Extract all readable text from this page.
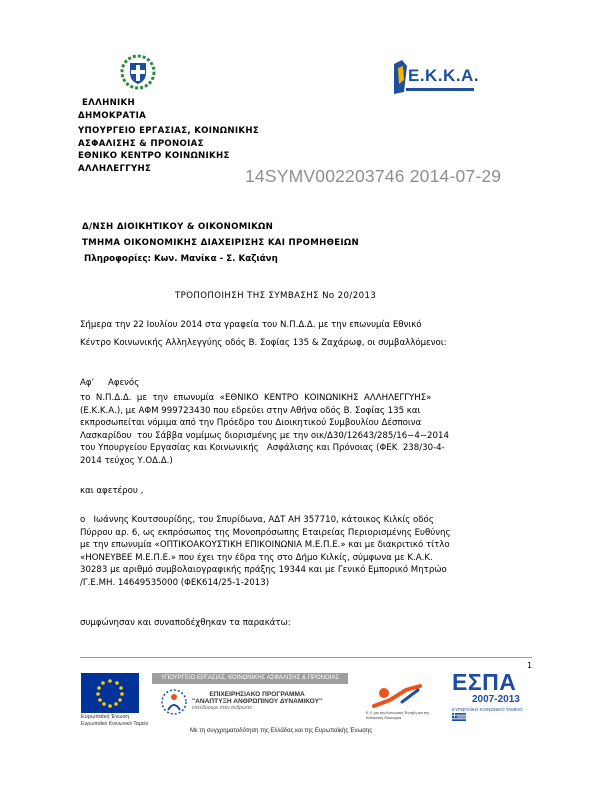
Ε.Κ.Κ.Α.
ΕΛΛΗΝΙΚΗ
ΔΗΜΟΚΡΑΤΙΑ
ΥΠΟΥΡΓΕΙΟ ΕΡΓΑΣΙΑΣ, ΚΟΙΝΩΝΙΚΗΣ
ΑΣΦΑΛΙΣΗΣ & ΠΡΟΝΟΙΑΣ
ΕΘΝΙΚΟ ΚΕΝΤΡΟ ΚΟΙΝΩΝΙΚΗΣ
ΑΛΛΗΛΕΓΓΥΗΣ	14SYMV002203746 2014-07-29
Δ/ΝΣΗ ΔΙΟΙΚΗΤΙΚΟΥ & ΟΙΚΟΝΟΜΙΚΩΝ
ΤΜΗΜΑ ΟΙΚΟΝΟΜΙΚΗΣ ΔΙΑΧΕΙΡΙΣΗΣ ΚΑΙ ΠΡΟΜΗΘΕΙΩΝ
Πληροφορίες: Κων. Μανίκα - Σ. Καζιάνη
ΤΡΟΠΟΠΟΙΗΣΗ ΤΗΣ ΣΥΜΒΑΣΗΣ Νο 20/2013
Σήμερα την 22 Ιουλίου 2014 στα γραφεία του Ν.Π.Δ.Δ. με την επωνυμία Εθνικό
Κέντρο Κοινωνικής Αλληλεγγύης οδός Β. Σοφίας 135 & Ζαχάρωφ, οι συμβαλλόμενοι:
Αφ’     Αφενός
το  Ν.Π.Δ.Δ.  με  την  επωνυμία  «ΕΘΝΙΚΟ  ΚΕΝΤΡΟ  ΚΟΙΝΩΝΙΚΗΣ  ΑΛΛΗΛΕΓΓΥΗΣ»
(Ε.Κ.Κ.Α.), με ΑΦΜ 999723430 που εδρεύει στην Αθήνα οδός Β. Σοφίας 135 και
εκπροσωπείται νόμιμα από την Πρόεδρο του Διοικητικού Συμβουλίου Δέσποινα
Λασκαρίδου  του Σάββα νομίμως διορισμένης με την οικ/Δ30/12643/285/16−4−2014
του Υπουργείου Εργασίας και Κοινωνικής   Ασφάλισης και Πρόνοιας (ΦΕΚ  238/30-4-
2014 τεύχος Υ.ΟΔ.Δ.)
και αφετέρου ,
ο   Ιωάννης Κουτσουρίδης, του Σπυρίδωνα, ΑΔΤ ΑΗ 357710, κάτοικος Κιλκίς οδός
Πύρρου αρ. 6, ως εκπρόσωπος της Μονοπρόσωπης Εταιρείας Περιορισμένης Ευθύνης
με την επωνυμία «ΟΠΤΙΚΟΑΚΟΥΣΤΙΚΗ ΕΠΙΚΟΙΝΩΝΙΑ Μ.Ε.Π.Ε.» και με διακριτικό τίτλο
«ΗΟΝΕΥΒΕΕ Μ.Ε.Π.Ε.» που έχει την έδρα της στο Δήμο Κιλκίς, σύμφωνα με Κ.Α.Κ.
30283 με αριθμό συμβολαιογραφικής πράξης 19344 και με Γενικό Εμπορικό Μητρώο
/Γ.Ε.ΜΗ. 14649535000 (ΦΕΚ614/25-1-2013)
συμφώνησαν και συναποδέχθηκαν τα παρακάτω:
1
Ευρωπαϊκή Ένωση
Ευρωπαϊκό Κοινωνικό Ταμείο
ΥΠΟΥΡΓΕΙΟ ΕΡΓΑΣΙΑΣ, ΚΟΙΝΩΝΙΚΗΣ ΑΣΦΑΛΙΣΗΣ & ΠΡΟΝΟΙΑΣ
ΕΠΙΧΕΙΡΗΣΙΑΚΟ ΠΡΟΓΡΑΜΜΑ
"ΑΝΑΠΤΥΞΗ ΑΝΘΡΩΠΙΝΟΥ ΔΥΝΑΜΙΚΟΥ"
επενδύουμε στον άνθρωπο
Ε.Υ. για την Κοινωνική Ένταξη και την Κοινωνική Οικονομία
ΕΣΠΑ
2007-2013
ΕΥΡΩΠΑΪΚΟ ΚΟΙΝΩΝΙΚΟ ΤΑΜΕΙΟ
Με τη συγχρηματοδότηση της Ελλάδας και της Ευρωπαϊκής Ένωσης
